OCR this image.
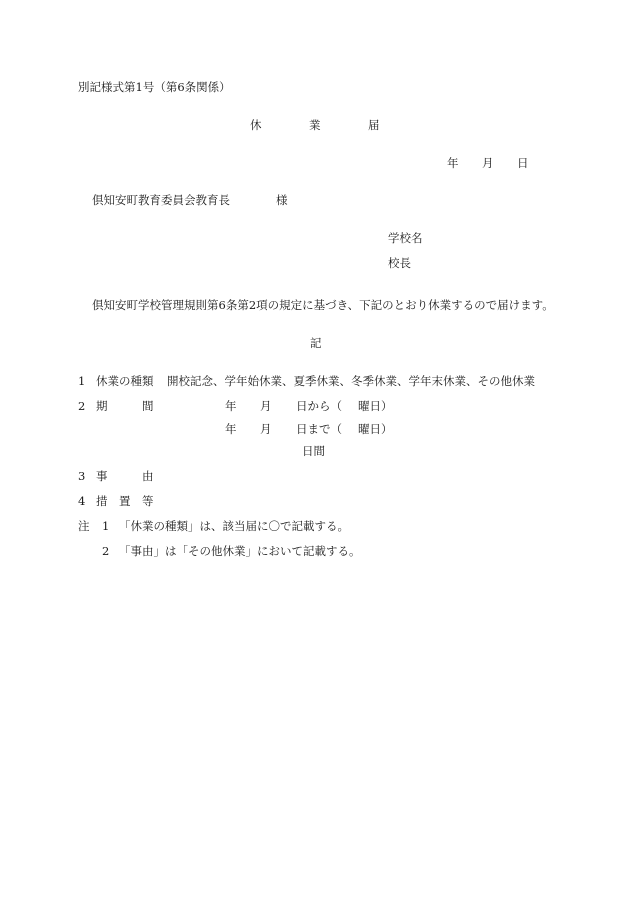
別記様式第1号（第6条関係）
休	業	届
年 月 日
倶知安町教育委員会教育長	様
学校名
校長
倶知安町学校管理規則第6条第2項の規定に基づき、下記のとおり休業するので届けます。
記
1 休業の種類 開校記念、学年始休業、夏季休業、冬季休業、学年末休業、その他休業
2 期	間	年 月 日から（ 曜日）
年 月 日まで（ 曜日）
日間
3 事	由
4 措 置 等
注 1 「休業の種類」は、該当届に〇で記載する。
2 「事由」は「その他休業」において記載する。
